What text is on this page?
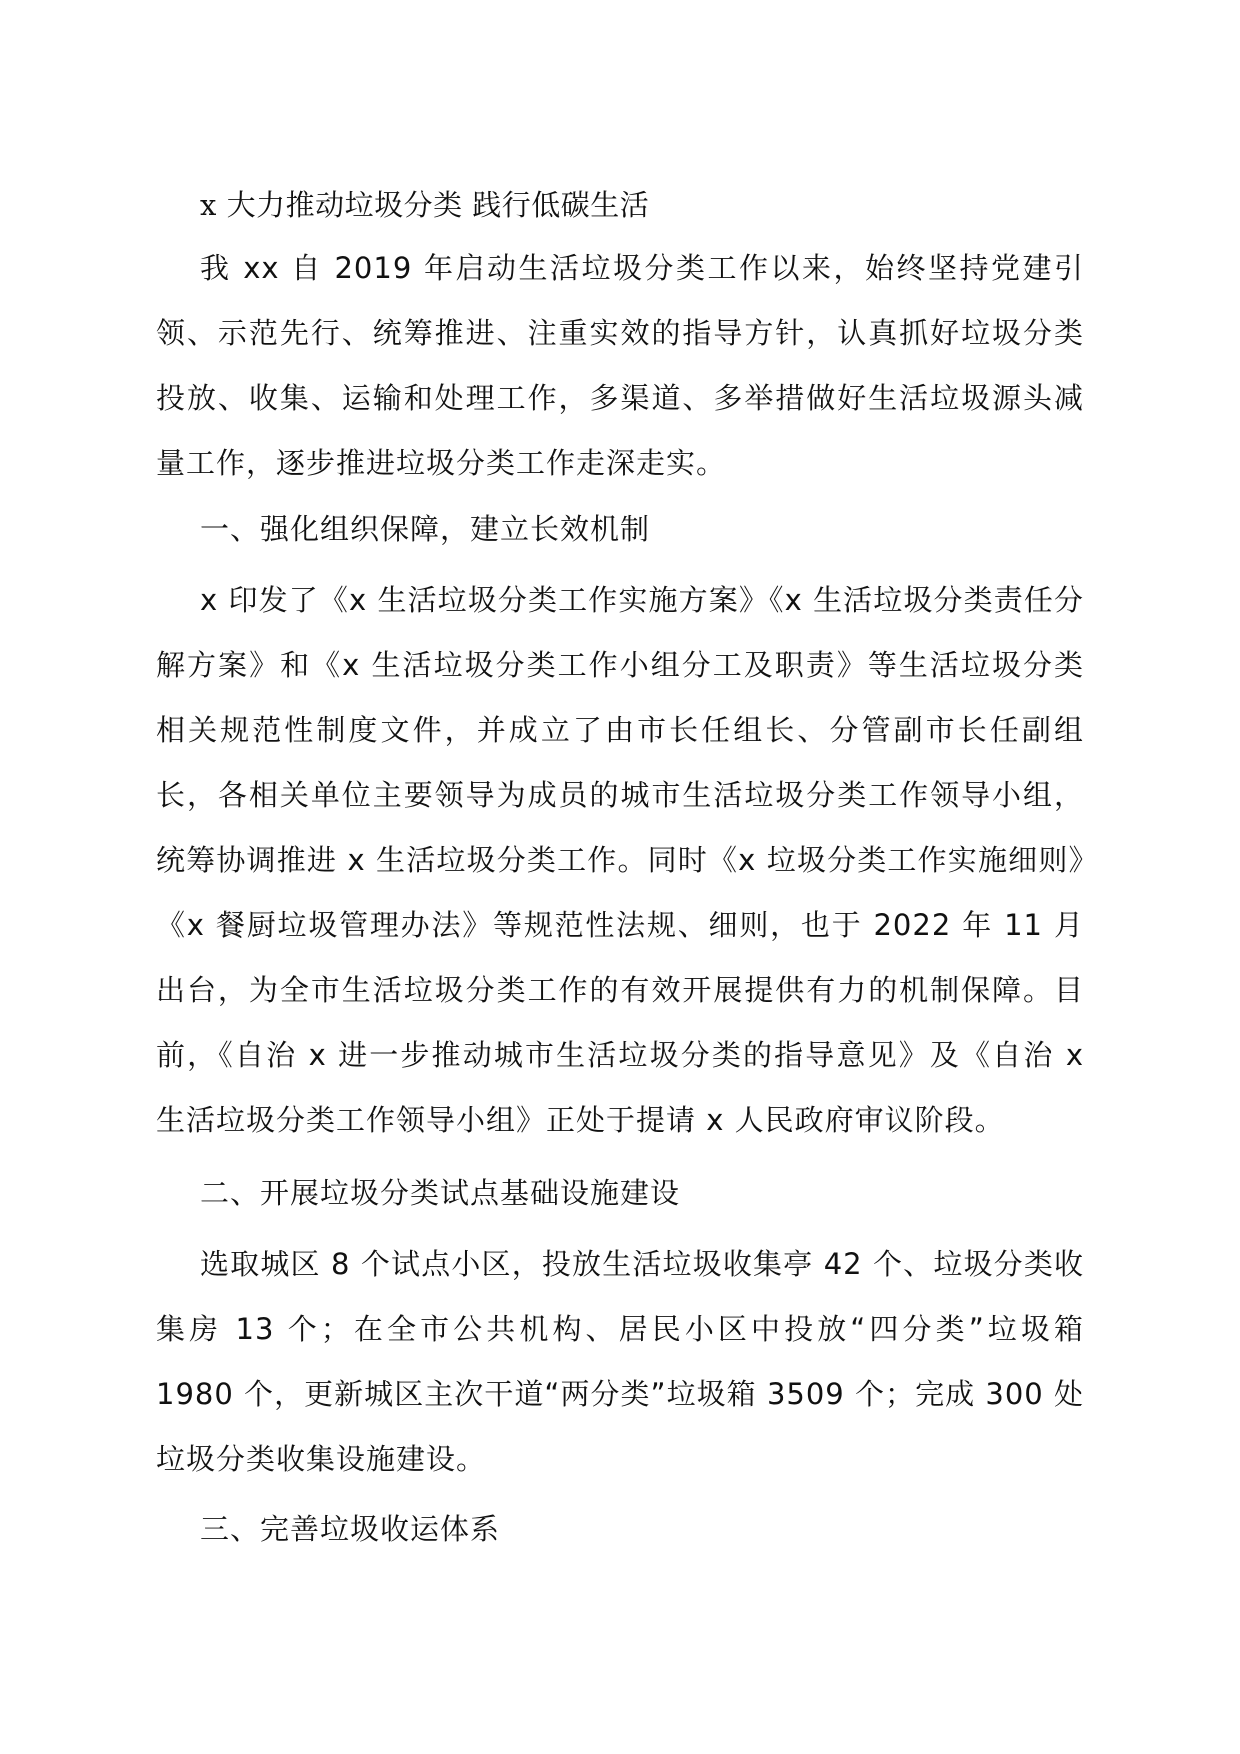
x 大力推动垃圾分类 践行低碳生活

我 xx 自 2019 年启动生活垃圾分类工作以来，始终坚持党建引领、示范先行、统筹推进、注重实效的指导方针，认真抓好垃圾分类投放、收集、运输和处理工作，多渠道、多举措做好生活垃圾源头减量工作，逐步推进垃圾分类工作走深走实。

一、强化组织保障，建立长效机制

x 印发了《x 生活垃圾分类工作实施方案》《x 生活垃圾分类责任分解方案》和《x 生活垃圾分类工作小组分工及职责》等生活垃圾分类相关规范性制度文件，并成立了由市长任组长、分管副市长任副组长，各相关单位主要领导为成员的城市生活垃圾分类工作领导小组，统筹协调推进 x 生活垃圾分类工作。同时《x 垃圾分类工作实施细则》《x 餐厨垃圾管理办法》等规范性法规、细则，也于 2022 年 11 月出台，为全市生活垃圾分类工作的有效开展提供有力的机制保障。目前，《自治 x 进一步推动城市生活垃圾分类的指导意见》及《自治 x 生活垃圾分类工作领导小组》正处于提请 x 人民政府审议阶段。

二、开展垃圾分类试点基础设施建设

选取城区 8 个试点小区，投放生活垃圾收集亭 42 个、垃圾分类收集房 13 个；在全市公共机构、居民小区中投放“四分类”垃圾箱 1980 个，更新城区主次干道“两分类”垃圾箱 3509 个；完成 300 处垃圾分类收集设施建设。

三、完善垃圾收运体系
